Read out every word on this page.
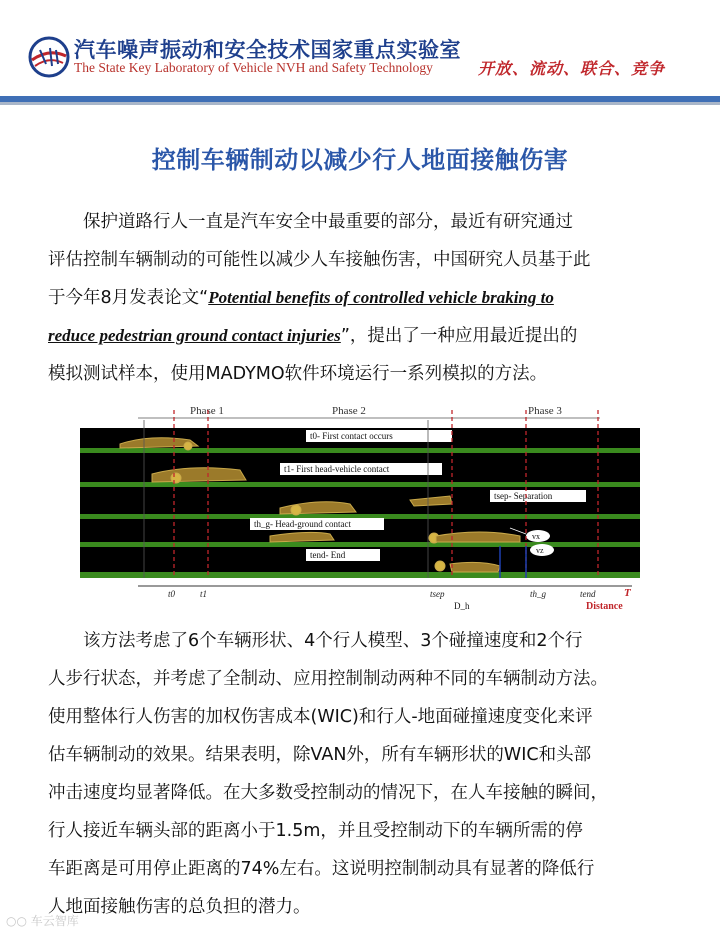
汽车噪声振动和安全技术国家重点实验室
The State Key Laboratory of Vehicle NVH and Safety Technology	开放、流动、联合、竞争
控制车辆制动以减少行人地面接触伤害
　　保护道路行人一直是汽车安全中最重要的部分，最近有研究通过
评估控制车辆制动的可能性以减少人车接触伤害，中国研究人员基于此
于今年8月发表论文“Potential benefits of controlled vehicle braking to
reduce pedestrian ground contact injuries”，提出了一种应用最近提出的
模拟测试样本，使用MADYMO软件环境运行一系列模拟的方法。
Phase 1	Phase 2	Phase 3
t0- First contact occurs
t1- First head-vehicle contact
tsep- Separation
th_g- Head-ground contact
tend- End
vx
vz
t0	t1	tsep	th_g	tend	T
D_h	Distance
　　该方法考虑了6个车辆形状、4个行人模型、3个碰撞速度和2个行
人步行状态，并考虑了全制动、应用控制制动两种不同的车辆制动方法。
使用整体行人伤害的加权伤害成本(WIC)和行人-地面碰撞速度变化来评
估车辆制动的效果。结果表明，除VAN外，所有车辆形状的WIC和头部
冲击速度均显著降低。在大多数受控制动的情况下，在人车接触的瞬间，
行人接近车辆头部的距离小于1.5m，并且受控制动下的车辆所需的停
车距离是可用停止距离的74%左右。这说明控制制动具有显著的降低行
人地面接触伤害的总负担的潜力。
○○ 车云智库
